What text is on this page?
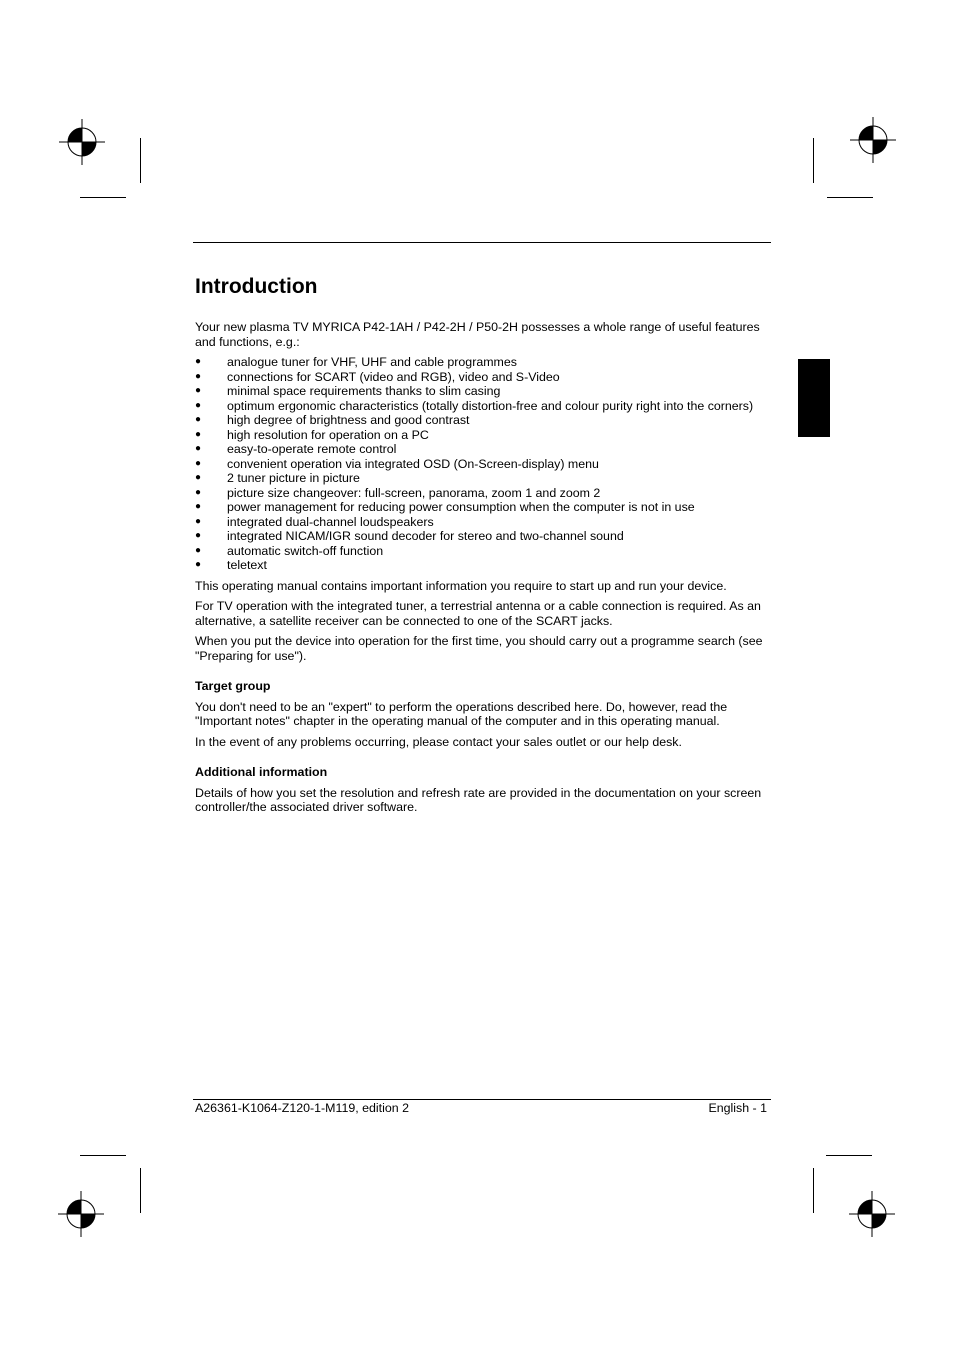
Introduction

Your new plasma TV MYRICA P42-1AH / P42-2H / P50-2H possesses a whole range of useful features and functions, e.g.:

● analogue tuner for VHF, UHF and cable programmes
● connections for SCART (video and RGB), video and S-Video
● minimal space requirements thanks to slim casing
● optimum ergonomic characteristics (totally distortion-free and colour purity right into the corners)
● high degree of brightness and good contrast
● high resolution for operation on a PC
● easy-to-operate remote control
● convenient operation via integrated OSD (On-Screen-display) menu
● 2 tuner picture in picture
● picture size changeover: full-screen, panorama, zoom 1 and zoom 2
● power management for reducing power consumption when the computer is not in use
● integrated dual-channel loudspeakers
● integrated NICAM/IGR sound decoder for stereo and two-channel sound
● automatic switch-off function
● teletext

This operating manual contains important information you require to start up and run your device.

For TV operation with the integrated tuner, a terrestrial antenna or a cable connection is required. As an alternative, a satellite receiver can be connected to one of the SCART jacks.

When you put the device into operation for the first time, you should carry out a programme search (see "Preparing for use").

Target group

You don't need to be an "expert" to perform the operations described here. Do, however, read the "Important notes" chapter in the operating manual of the computer and in this operating manual.

In the event of any problems occurring, please contact your sales outlet or our help desk.

Additional information

Details of how you set the resolution and refresh rate are provided in the documentation on your screen controller/the associated driver software.

A26361-K1064-Z120-1-M119, edition 2	English - 1
